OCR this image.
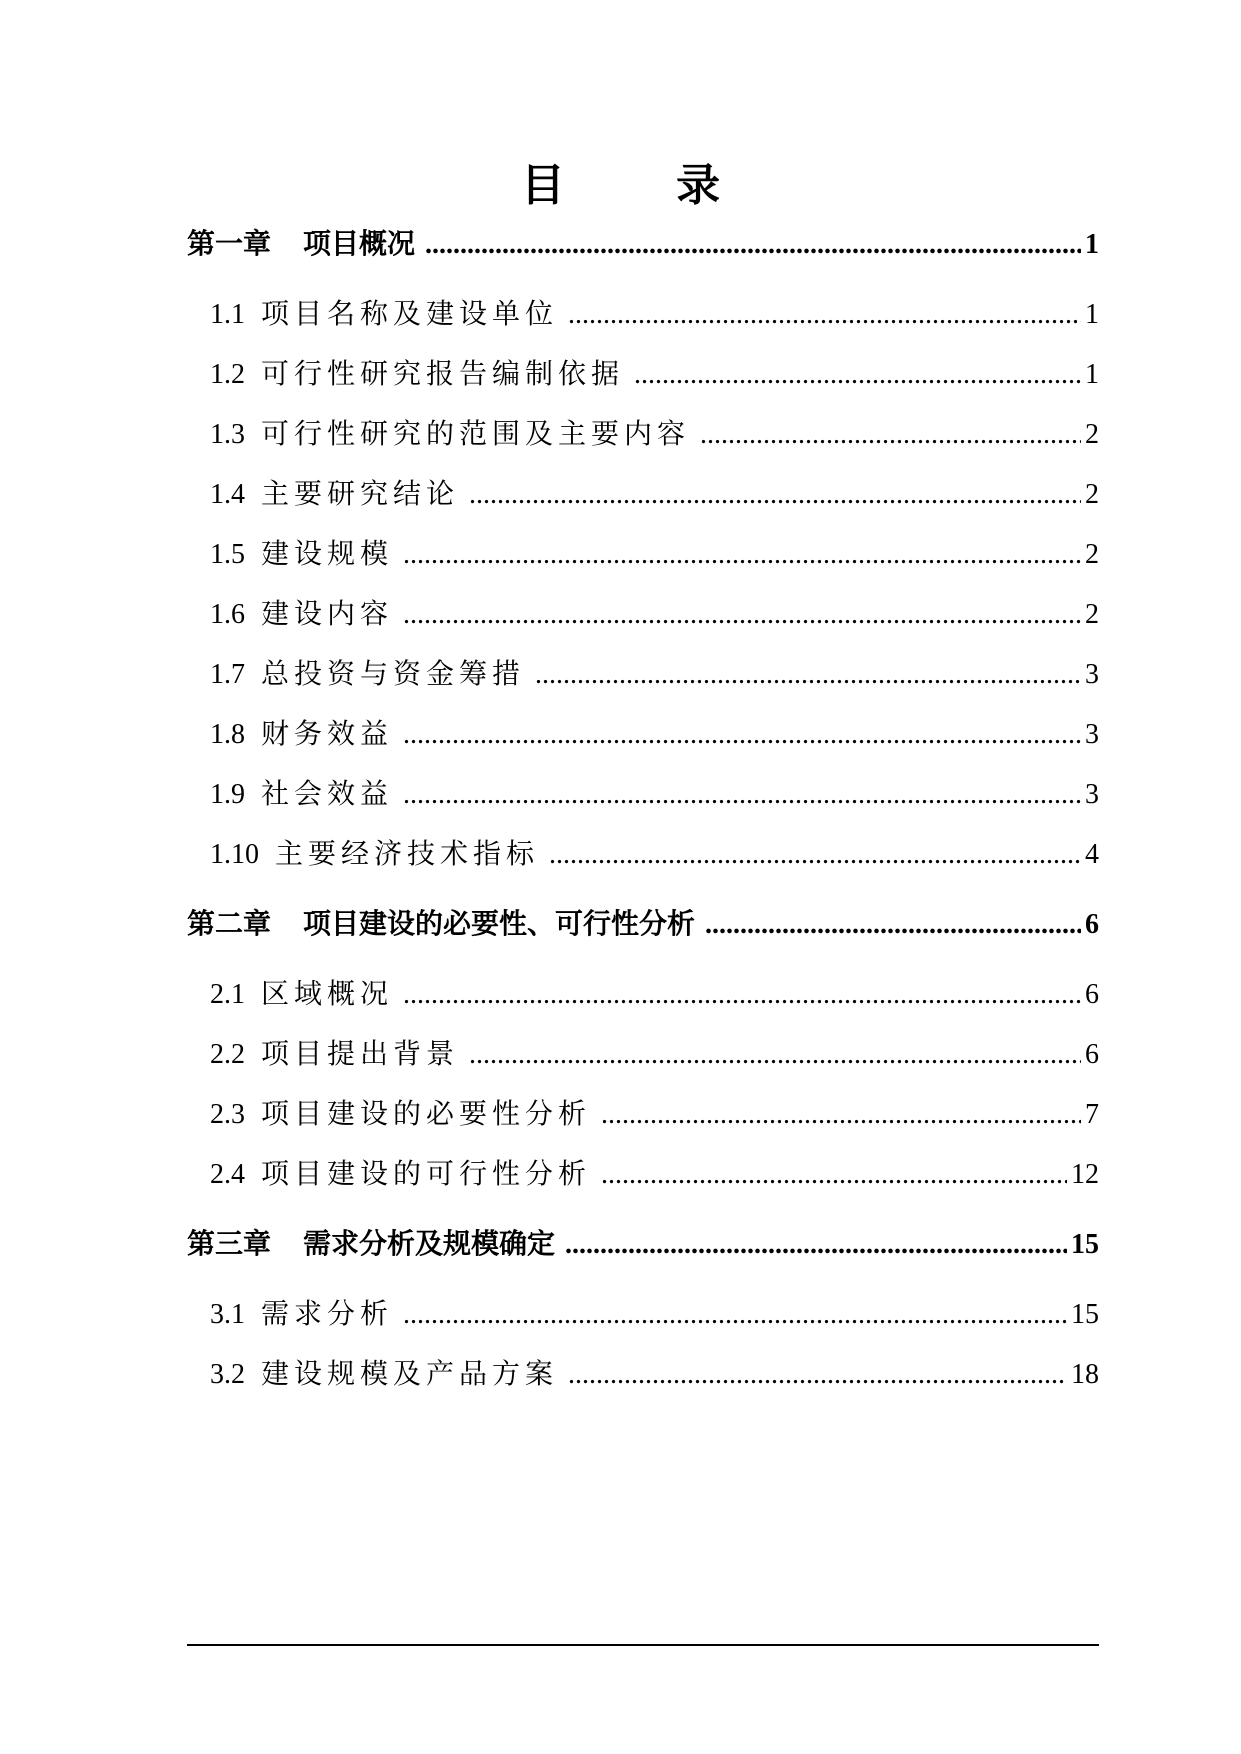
目 录
第一章 项目概况 .....	1
1.1 项目名称及建设单位 .....	1
1.2 可行性研究报告编制依据 .....	1
1.3 可行性研究的范围及主要内容 .....	2
1.4 主要研究结论 .....	2
1.5 建设规模 .....	2
1.6 建设内容 .....	2
1.7 总投资与资金筹措 .....	3
1.8 财务效益 .....	3
1.9 社会效益 .....	3
1.10 主要经济技术指标 .....	4
第二章 项目建设的必要性、可行性分析 .....	6
2.1 区域概况 .....	6
2.2 项目提出背景 .....	6
2.3 项目建设的必要性分析 .....	7
2.4 项目建设的可行性分析 .....	12
第三章 需求分析及规模确定 .....	15
3.1 需求分析 .....	15
3.2 建设规模及产品方案 .....	18
